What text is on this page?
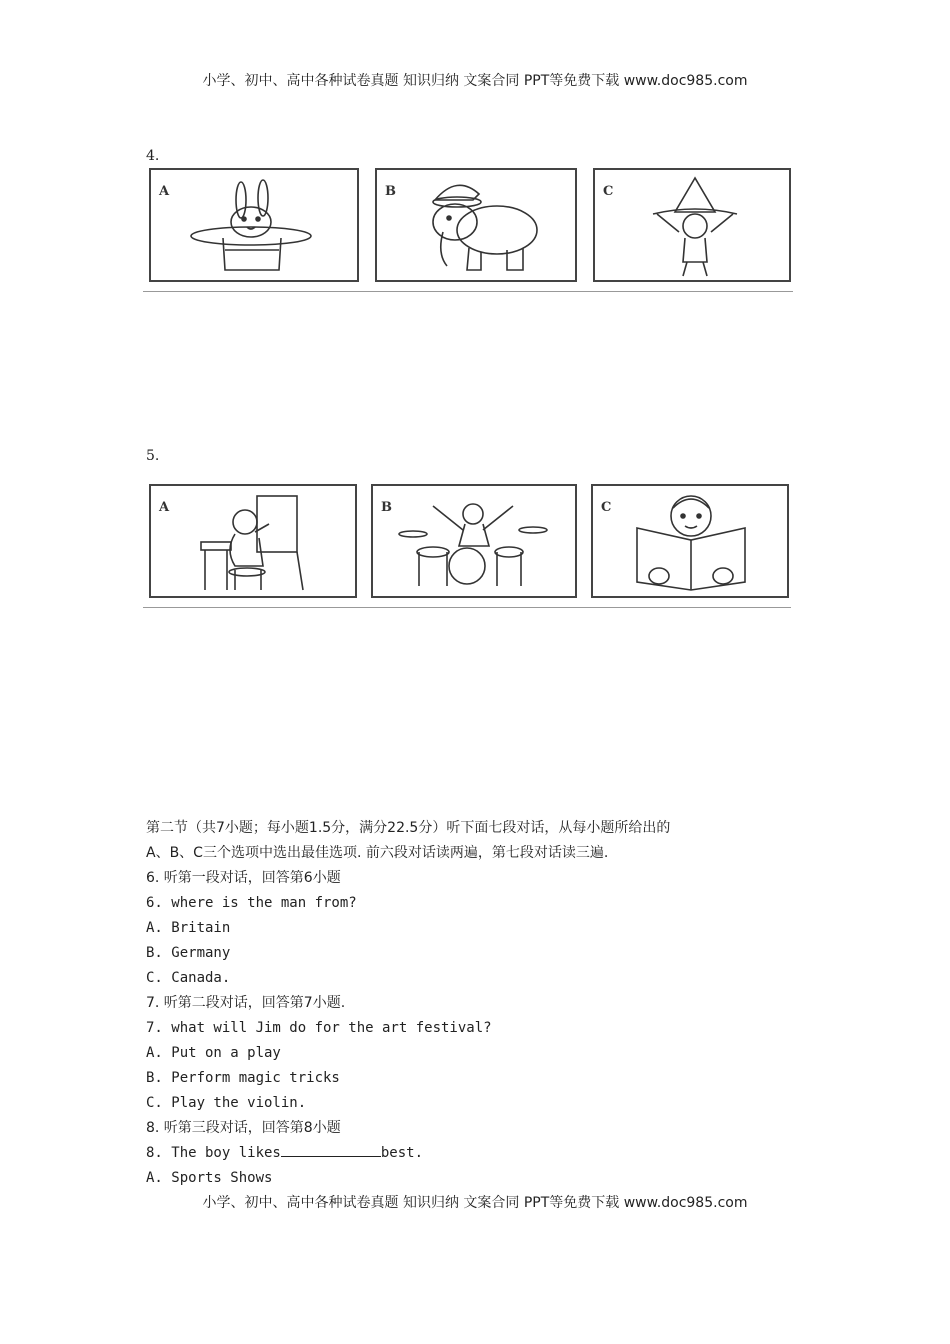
小学、初中、高中各种试卷真题 知识归纳 文案合同 PPT等免费下载 www.doc985.com
4.
A	B	C
5.
A	B	C
第二节（共7小题；每小题1.5分，满分22.5分）听下面七段对话，从每小题所给出的
A、B、C三个选项中选出最佳选项. 前六段对话读两遍，第七段对话读三遍.
6. 听第一段对话，回答第6小题
6. where is the man from?
A. Britain
B. Germany
C. Canada.
7. 听第二段对话，回答第7小题.
7. what will Jim do for the art festival?
A. Put on a play
B. Perform magic tricks
C. Play the violin.
8. 听第三段对话，回答第8小题
8. The boy likes	best.
A. Sports Shows
小学、初中、高中各种试卷真题 知识归纳 文案合同 PPT等免费下载 www.doc985.com
